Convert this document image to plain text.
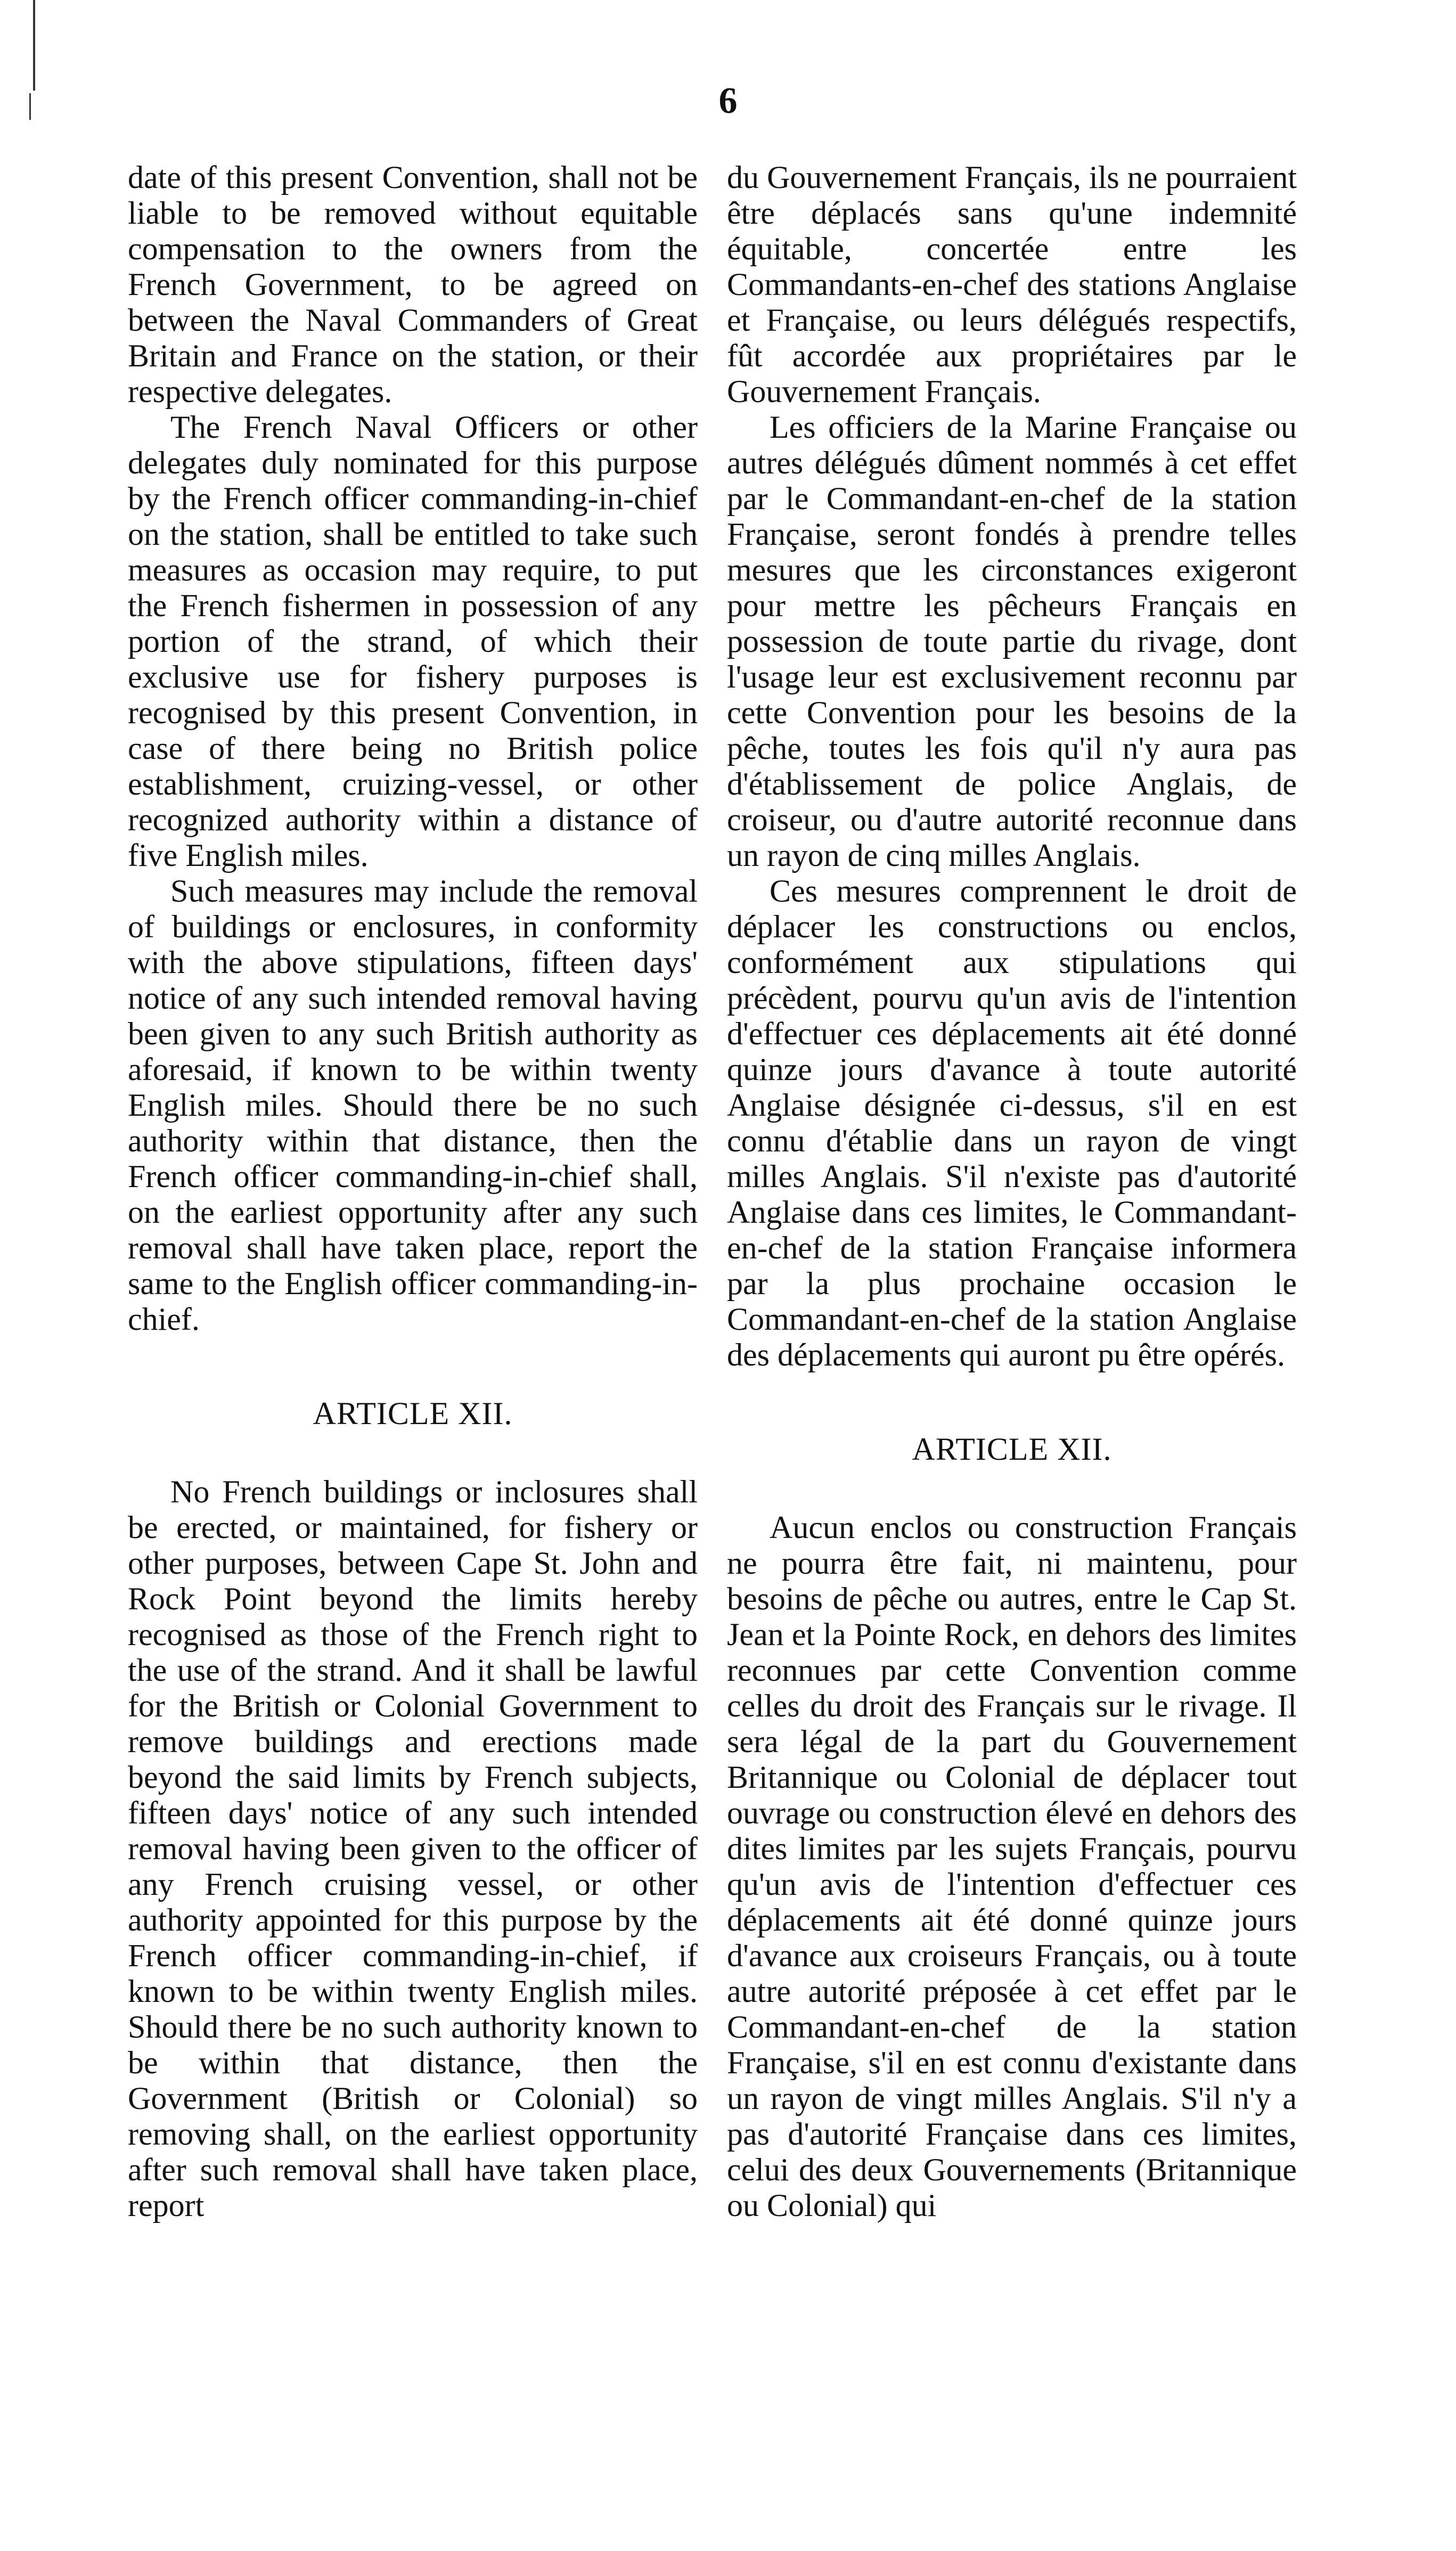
6

date of this present Convention, shall not be liable to be removed without equitable compensation to the owners from the French Government, to be agreed on between the Naval Commanders of Great Britain and France on the station, or their respective delegates.

The French Naval Officers or other delegates duly nominated for this purpose by the French officer commanding-in-chief on the station, shall be entitled to take such measures as occasion may require, to put the French fishermen in possession of any portion of the strand, of which their exclusive use for fishery purposes is recognised by this present Convention, in case of there being no British police establishment, cruizing-vessel, or other recognized authority within a distance of five English miles.

Such measures may include the removal of buildings or enclosures, in conformity with the above stipulations, fifteen days' notice of any such intended removal having been given to any such British authority as aforesaid, if known to be within twenty English miles. Should there be no such authority within that distance, then the French officer commanding-in-chief shall, on the earliest opportunity after any such removal shall have taken place, report the same to the English officer commanding-in-chief.

ARTICLE XII.

No French buildings or inclosures shall be erected, or maintained, for fishery or other purposes, between Cape St. John and Rock Point beyond the limits hereby recognised as those of the French right to the use of the strand. And it shall be lawful for the British or Colonial Government to remove buildings and erections made beyond the said limits by French subjects, fifteen days' notice of any such intended removal having been given to the officer of any French cruising vessel, or other authority appointed for this purpose by the French officer commanding-in-chief, if known to be within twenty English miles. Should there be no such authority known to be within that distance, then the Government (British or Colonial) so removing shall, on the earliest opportunity after such removal shall have taken place, report

du Gouvernement Français, ils ne pourraient être déplacés sans qu'une indemnité équitable, concertée entre les Commandants-en-chef des stations Anglaise et Française, ou leurs délégués respectifs, fût accordée aux propriétaires par le Gouvernement Français.

Les officiers de la Marine Française ou autres délégués dûment nommés à cet effet par le Commandant-en-chef de la station Française, seront fondés à prendre telles mesures que les circonstances exigeront pour mettre les pêcheurs Français en possession de toute partie du rivage, dont l'usage leur est exclusivement reconnu par cette Convention pour les besoins de la pêche, toutes les fois qu'il n'y aura pas d'établissement de police Anglais, de croiseur, ou d'autre autorité reconnue dans un rayon de cinq milles Anglais.

Ces mesures comprennent le droit de déplacer les constructions ou enclos, conformément aux stipulations qui précèdent, pourvu qu'un avis de l'intention d'effectuer ces déplacements ait été donné quinze jours d'avance à toute autorité Anglaise désignée ci-dessus, s'il en est connu d'établie dans un rayon de vingt milles Anglais. S'il n'existe pas d'autorité Anglaise dans ces limites, le Commandant-en-chef de la station Française informera par la plus prochaine occasion le Commandant-en-chef de la station Anglaise des déplacements qui auront pu être opérés.

ARTICLE XII.

Aucun enclos ou construction Français ne pourra être fait, ni maintenu, pour besoins de pêche ou autres, entre le Cap St. Jean et la Pointe Rock, en dehors des limites reconnues par cette Convention comme celles du droit des Français sur le rivage. Il sera légal de la part du Gouvernement Britannique ou Colonial de déplacer tout ouvrage ou construction élevé en dehors des dites limites par les sujets Français, pourvu qu'un avis de l'intention d'effectuer ces déplacements ait été donné quinze jours d'avance aux croiseurs Français, ou à toute autre autorité préposée à cet effet par le Commandant-en-chef de la station Française, s'il en est connu d'existante dans un rayon de vingt milles Anglais. S'il n'y a pas d'autorité Française dans ces limites, celui des deux Gouvernements (Britannique ou Colonial) qui
